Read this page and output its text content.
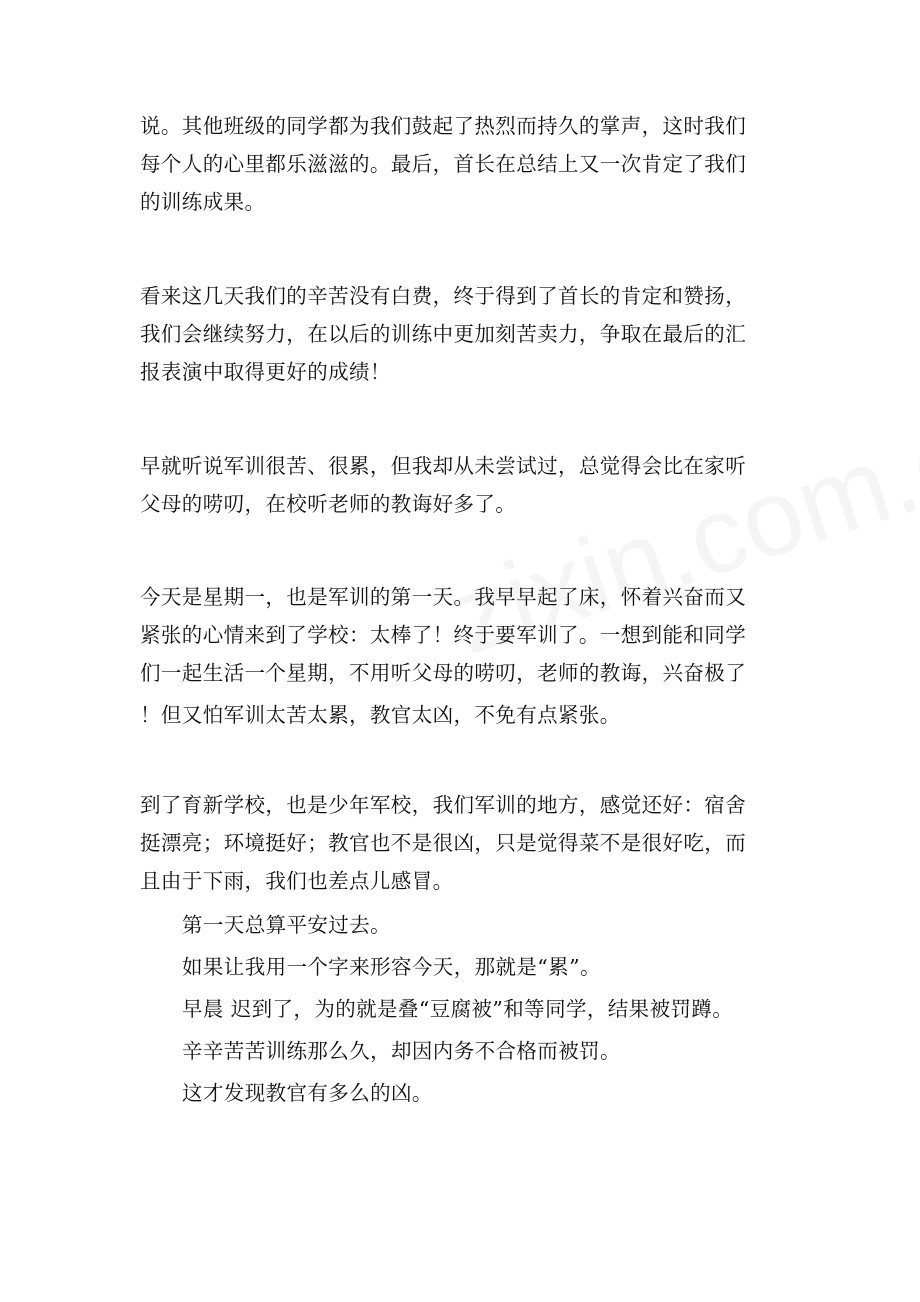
说。其他班级的同学都为我们鼓起了热烈而持久的掌声，这时我们
每个人的心里都乐滋滋的。最后，首长在总结上又一次肯定了我们
的训练成果。
看来这几天我们的辛苦没有白费，终于得到了首长的肯定和赞扬，
我们会继续努力，在以后的训练中更加刻苦卖力，争取在最后的汇
报表演中取得更好的成绩！
早就听说军训很苦、很累，但我却从未尝试过，总觉得会比在家听
父母的唠叨，在校听老师的教诲好多了。
今天是星期一，也是军训的第一天。我早早起了床，怀着兴奋而又
紧张的心情来到了学校：太棒了！终于要军训了。一想到能和同学
们一起生活一个星期，不用听父母的唠叨，老师的教诲，兴奋极了
！但又怕军训太苦太累，教官太凶，不免有点紧张。
到了育新学校，也是少年军校，我们军训的地方，感觉还好：宿舍
挺漂亮；环境挺好；教官也不是很凶，只是觉得菜不是很好吃，而
且由于下雨，我们也差点儿感冒。
第一天总算平安过去。
如果让我用一个字来形容今天，那就是“累”。
早晨 迟到了，为的就是叠“豆腐被”和等同学，结果被罚蹲。
辛辛苦苦训练那么久，却因内务不合格而被罚。
这才发现教官有多么的凶。
